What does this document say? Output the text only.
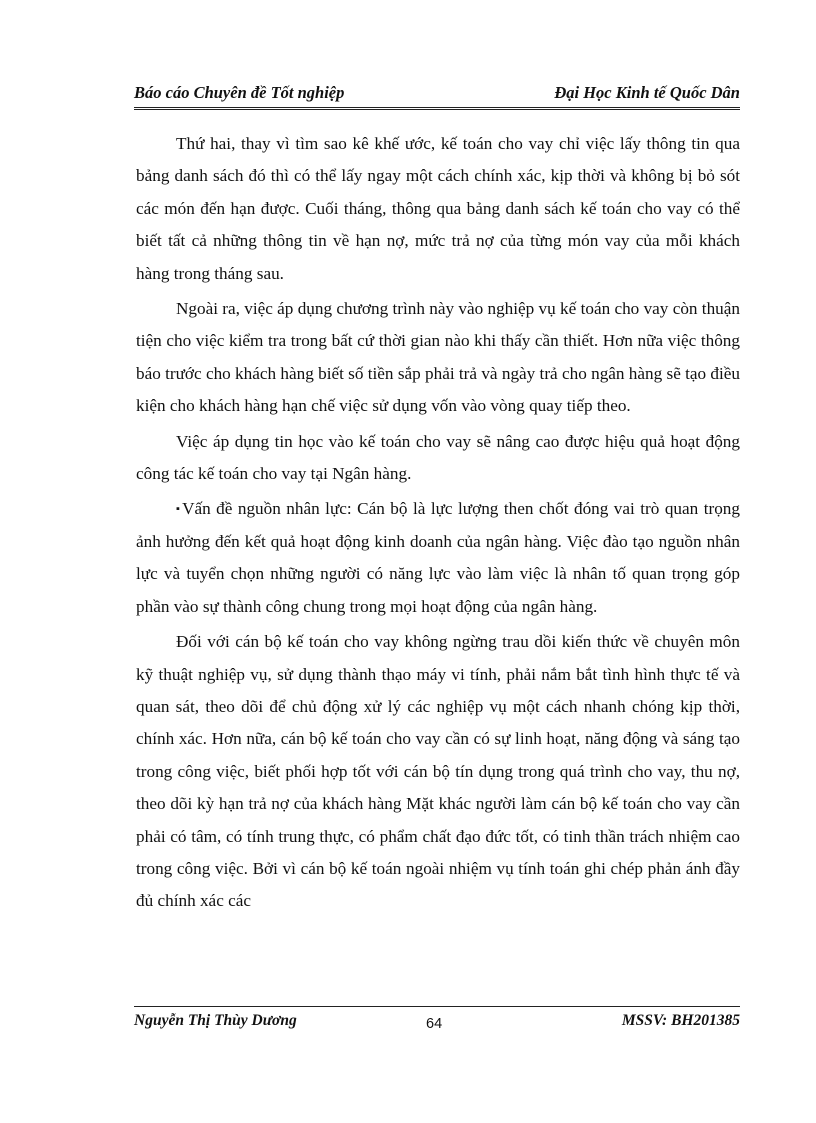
Báo cáo Chuyên đề Tốt nghiệp	Đại Học Kinh tế Quốc Dân

Thứ hai, thay vì tìm sao kê khế ước, kế toán cho vay chỉ việc lấy thông tin qua bảng danh sách đó thì có thể lấy ngay một cách chính xác, kịp thời và không bị bỏ sót các món đến hạn được. Cuối tháng, thông qua bảng danh sách kế toán cho vay có thể biết tất cả những thông tin về hạn nợ, mức trả nợ của từng món vay của mỗi khách hàng trong tháng sau.

Ngoài ra, việc áp dụng chương trình này vào nghiệp vụ kế toán cho vay còn thuận tiện cho việc kiểm tra trong bất cứ thời gian nào khi thấy cần thiết. Hơn nữa việc thông báo trước cho khách hàng biết số tiền sắp phải trả và ngày trả cho ngân hàng sẽ tạo điều kiện cho khách hàng hạn chế việc sử dụng vốn vào vòng quay tiếp theo.

Việc áp dụng tin học vào kế toán cho vay sẽ nâng cao được hiệu quả hoạt động công tác kế toán cho vay tại Ngân hàng.

▪Vấn đề nguồn nhân lực: Cán bộ là lực lượng then chốt đóng vai trò quan trọng ảnh hưởng đến kết quả hoạt động kinh doanh của ngân hàng. Việc đào tạo nguồn nhân lực và tuyển chọn những người có năng lực vào làm việc là nhân tố quan trọng góp phần vào sự thành công chung trong mọi hoạt động của ngân hàng.

Đối với cán bộ kế toán cho vay không ngừng trau dồi kiến thức về chuyên môn kỹ thuật nghiệp vụ, sử dụng thành thạo máy vi tính, phải nắm bắt tình hình thực tế và quan sát, theo dõi để chủ động xử lý các nghiệp vụ một cách nhanh chóng kịp thời, chính xác. Hơn nữa, cán bộ kế toán cho vay cần có sự linh hoạt, năng động và sáng tạo trong công việc, biết phối hợp tốt với cán bộ tín dụng trong quá trình cho vay, thu nợ, theo dõi kỳ hạn trả nợ của khách hàng Mặt khác người làm cán bộ kế toán cho vay cần phải có tâm, có tính trung thực, có phẩm chất đạo đức tốt, có tinh thần trách nhiệm cao trong công việc. Bởi vì cán bộ kế toán ngoài nhiệm vụ tính toán ghi chép phản ánh đầy đủ chính xác các

Nguyễn Thị Thùy Dương	64	MSSV: BH201385
